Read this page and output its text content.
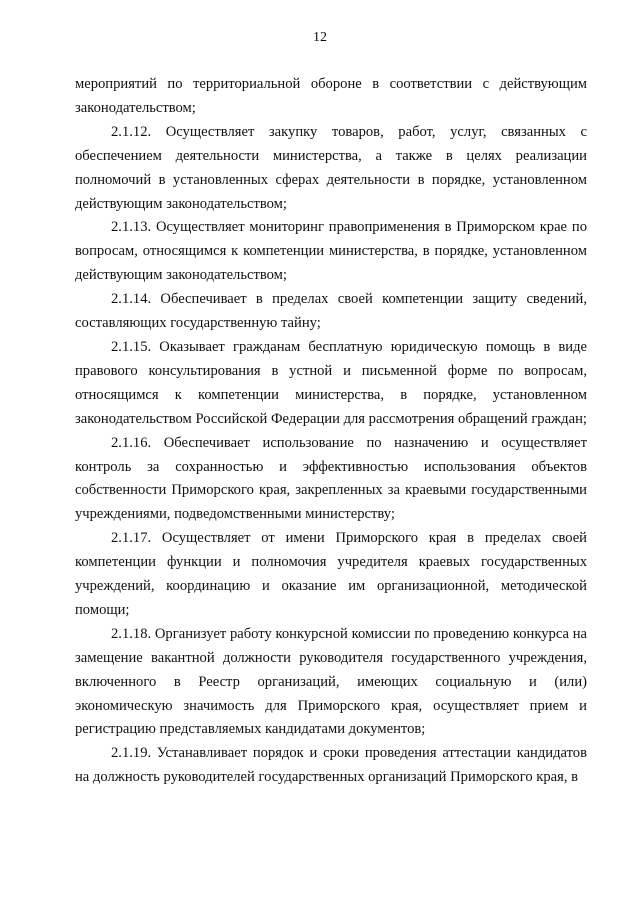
12

мероприятий по территориальной обороне в соответствии с действующим законодательством;

2.1.12. Осуществляет закупку товаров, работ, услуг, связанных с обеспечением деятельности министерства, а также в целях реализации полномочий в установленных сферах деятельности в порядке, установленном действующим законодательством;

2.1.13. Осуществляет мониторинг правоприменения в Приморском крае по вопросам, относящимся к компетенции министерства, в порядке, установленном действующим законодательством;

2.1.14. Обеспечивает в пределах своей компетенции защиту сведений, составляющих государственную тайну;

2.1.15. Оказывает гражданам бесплатную юридическую помощь в виде правового консультирования в устной и письменной форме по вопросам, относящимся к компетенции министерства, в порядке, установленном законодательством Российской Федерации для рассмотрения обращений граждан;

2.1.16. Обеспечивает использование по назначению и осуществляет контроль за сохранностью и эффективностью использования объектов собственности Приморского края, закрепленных за краевыми государственными учреждениями, подведомственными министерству;

2.1.17. Осуществляет от имени Приморского края в пределах своей компетенции функции и полномочия учредителя краевых государственных учреждений, координацию и оказание им организационной, методической помощи;

2.1.18. Организует работу конкурсной комиссии по проведению конкурса на замещение вакантной должности руководителя государственного учреждения, включенного в Реестр организаций, имеющих социальную и (или) экономическую значимость для Приморского края, осуществляет прием и регистрацию представляемых кандидатами документов;

2.1.19. Устанавливает порядок и сроки проведения аттестации кандидатов на должность руководителей государственных организаций Приморского края, в
